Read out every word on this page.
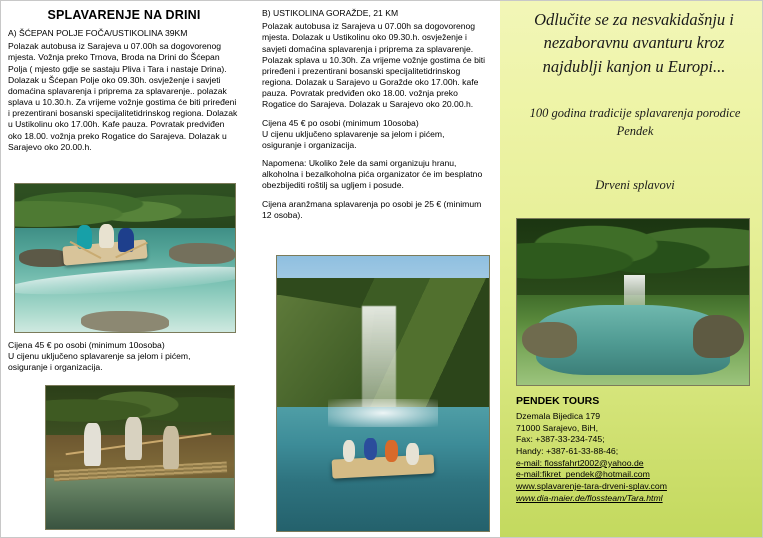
SPLAVARENJE NA DRINI
A) ŠĆEPAN POLJE FOČA/USTIKOLINA 39KM

Polazak autobusa iz Sarajeva u 07.00h sa dogovorenog mjesta. Vožnja preko Trnova, Broda na Drini do Šćepan Polja ( mjesto gdje se sastaju Pliva i Tara i nastaje Drina). Dolazak u Šćepan Polje oko 09.30h. osvježenje i savjeti domaćina splavarenja i priprema za splavarenje.. polazak splava u 10.30.h. Za vrijeme vožnje gostima će biti priređeni i prezentirani bosanski specijalitetidrinskog regiona. Dolazak u Ustikolinu oko 17.00h. Kafe pauza. Povratak predviđen oko 18.00. vožnja preko Rogatice do Sarajeva. Dolazak u Sarajevo oko 20.00.h.

Cijena 45 € po osobi (minimum 10osoba)
U cijenu uključeno splavarenje sa jelom i pićem,
osiguranje i organizacija.
B) USTIKOLINA GORAŽDE, 21 KM

Polazak autobusa iz Sarajeva u 07.00h sa dogovorenog mjesta. Dolazak u Ustikolinu oko 09.30.h. osvježenje i savjeti domaćina splavarenja i priprema za splavarenje. Polazak splava u 10.30h. Za vrijeme vožnje gostima će biti priređeni i prezentirani bosanski specijalitetidrinskog regiona. Dolazak u Sarajevo u Goražde oko 17.00h. kafe pauza. Povratak predviđen oko 18.00. vožnja preko Rogatice do Sarajeva. Dolazak u Sarajevo oko 20.00.h.

Cijena 45 € po osobi (minimum 10osoba)
U cijenu uključeno splavarenje sa jelom i pićem,
osiguranje i organizacija.

Napomena: Ukoliko žele da sami organizuju hranu, alkoholna i bezalkoholna pića organizator će im besplatno obezbijediti roštilj sa ugljem i posude.

Cijena aranžmana splavarenja po osobi je 25 € (minimum 12 osoba).

Odlučite se za nesvakidašnju i nezaboravnu avanturu kroz najdublji kanjon u Europi...
100 godina tradicije splavarenja porodice Pendek
Drveni splavovi
PENDEK TOURS
Dzemala Bijedica 179
71000 Sarajevo, BiH,
Fax: +387-33-234-745;
Handy: +387-61-33-88-46;
e-mail: flossfahrt2002@yahoo.de
e-mail:fikret_pendek@hotmail.com
www.splavarenje-tara-drveni-splav.com
www.dia-maier.de/flossteam/Tara.html
